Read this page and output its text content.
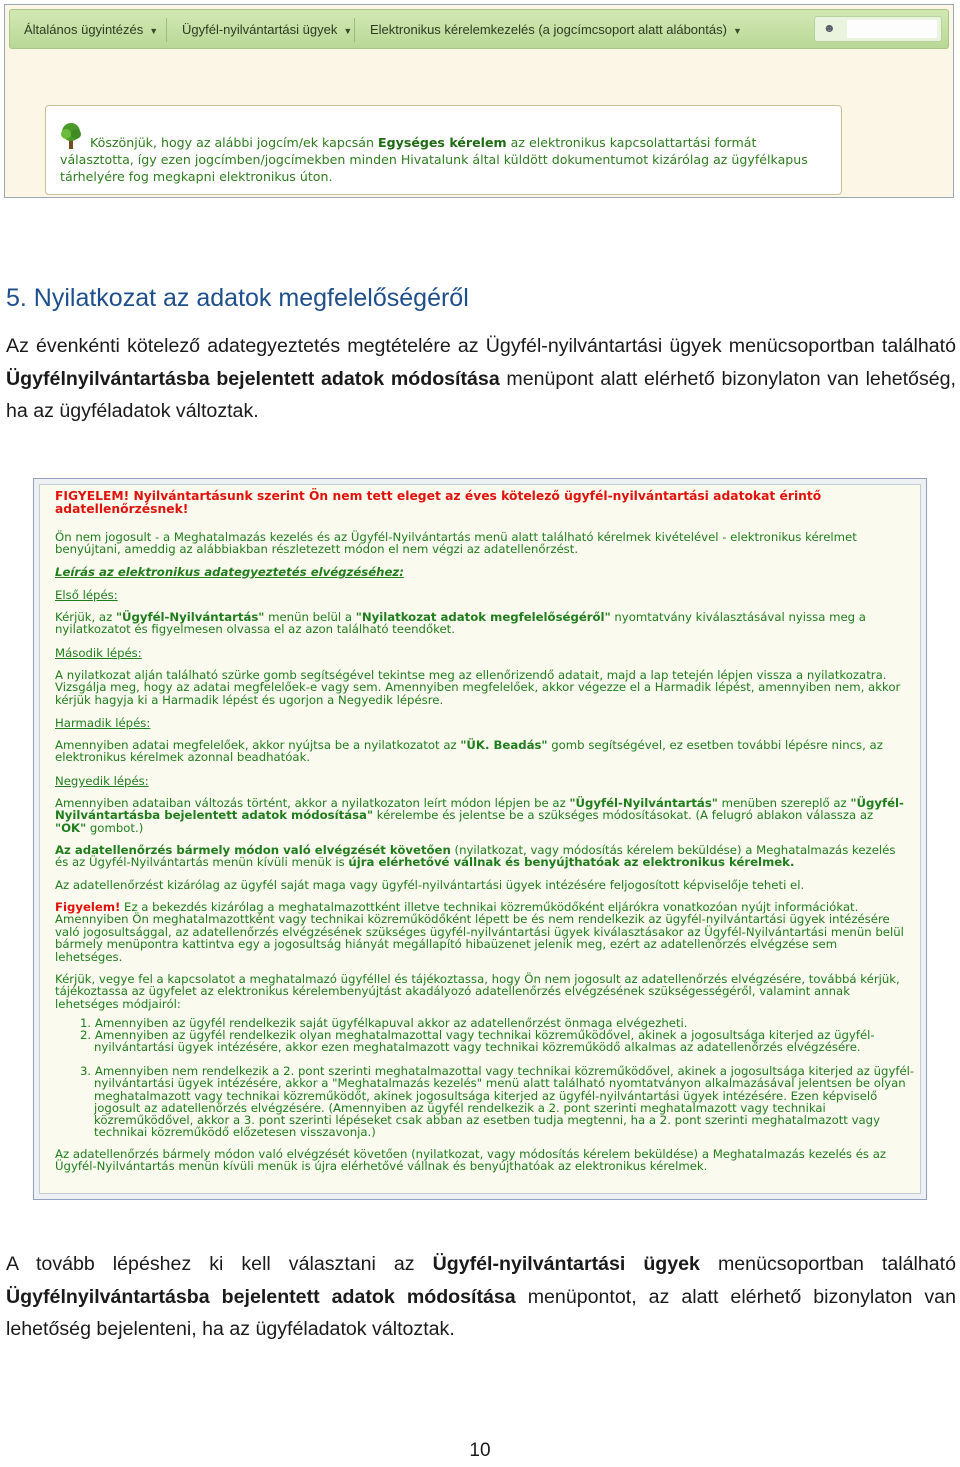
Általános ügyintézés ▼ Ügyfél-nyilvántartási ügyek ▼ Elektronikus kérelemkezelés (a jogcímcsoport alatt alábontás) ▼	☻

Köszönjük, hogy az alábbi jogcím/ek kapcsán Egységes kérelem az elektronikus kapcsolattartási formát választotta, így ezen jogcímben/jogcímekben minden Hivatalunk által küldött dokumentumot kizárólag az ügyfélkapus tárhelyére fog megkapni elektronikus úton.

5. Nyilatkozat az adatok megfelelőségéről

Az évenkénti kötelező adategyeztetés megtételére az Ügyfél-nyilvántartási ügyek menücsoportban található Ügyfélnyilvántartásba bejelentett adatok módosítása menüpont alatt elérhető bizonylaton van lehetőség, ha az ügyféladatok változtak.

FIGYELEM! Nyilvántartásunk szerint Ön nem tett eleget az éves kötelező ügyfél-nyilvántartási adatokat érintő adatellenőrzésnek!

Ön nem jogosult - a Meghatalmazás kezelés és az Ügyfél-Nyilvántartás menü alatt található kérelmek kivételével - elektronikus kérelmet benyújtani, ameddig az alábbiakban részletezett módon el nem végzi az adatellenőrzést.

Leírás az elektronikus adategyeztetés elvégzéséhez:

Első lépés:

Kérjük, az "Ügyfél-Nyilvántartás" menün belül a "Nyilatkozat adatok megfelelőségéről" nyomtatvány kiválasztásával nyissa meg a nyilatkozatot és figyelmesen olvassa el az azon található teendőket.

Második lépés:

A nyilatkozat alján található szürke gomb segítségével tekintse meg az ellenőrizendő adatait, majd a lap tetején lépjen vissza a nyilatkozatra. Vizsgálja meg, hogy az adatai megfelelőek-e vagy sem. Amennyiben megfelelőek, akkor végezze el a Harmadik lépést, amennyiben nem, akkor kérjük hagyja ki a Harmadik lépést és ugorjon a Negyedik lépésre.

Harmadik lépés:

Amennyiben adatai megfelelőek, akkor nyújtsa be a nyilatkozatot az "ÜK. Beadás" gomb segítségével, ez esetben további lépésre nincs, az elektronikus kérelmek azonnal beadhatóak.

Negyedik lépés:

Amennyiben adataiban változás történt, akkor a nyilatkozaton leírt módon lépjen be az "Ügyfél-Nyilvántartás" menüben szereplő az "Ügyfél-Nyilvántartásba bejelentett adatok módosítása" kérelembe és jelentse be a szükséges módosításokat. (A felugró ablakon válassza az "OK" gombot.)

Az adatellenőrzés bármely módon való elvégzését követően (nyilatkozat, vagy módosítás kérelem beküldése) a Meghatalmazás kezelés és az Ügyfél-Nyilvántartás menün kívüli menük is újra elérhetővé vállnak és benyújthatóak az elektronikus kérelmek.

Az adatellenőrzést kizárólag az ügyfél saját maga vagy ügyfél-nyilvántartási ügyek intézésére feljogosított képviselője teheti el.

Figyelem! Ez a bekezdés kizárólag a meghatalmazottként illetve technikai közreműködőként eljárókra vonatkozóan nyújt információkat. Amennyiben Ön meghatalmazottként vagy technikai közreműködőként lépett be és nem rendelkezik az ügyfél-nyilvántartási ügyek intézésére való jogosultsággal, az adatellenőrzés elvégzésének szükséges ügyfél-nyilvántartási ügyek kiválasztásakor az Ügyfél-Nyilvántartási menün belül bármely menüpontra kattintva egy a jogosultság hiányát megállapító hibaüzenet jelenik meg, ezért az adatellenőrzés elvégzése sem lehetséges.

Kérjük, vegye fel a kapcsolatot a meghatalmazó ügyféllel és tájékoztassa, hogy Ön nem jogosult az adatellenőrzés elvégzésére, továbbá kérjük, tájékoztassa az ügyfelet az elektronikus kérelembenyújtást akadályozó adatellenőrzés elvégzésének szükségességéről, valamint annak lehetséges módjairól:

1. Amennyiben az ügyfél rendelkezik saját ügyfélkapuval akkor az adatellenőrzést önmaga elvégezheti.

2. Amennyiben az ügyfél rendelkezik olyan meghatalmazottal vagy technikai közreműködővel, akinek a jogosultsága kiterjed az ügyfél-nyilvántartási ügyek intézésére, akkor ezen meghatalmazott vagy technikai közreműködő alkalmas az adatellenőrzés elvégzésére.

3. Amennyiben nem rendelkezik a 2. pont szerinti meghatalmazottal vagy technikai közreműködővel, akinek a jogosultsága kiterjed az ügyfél-nyilvántartási ügyek intézésére, akkor a "Meghatalmazás kezelés" menü alatt található nyomtatványon alkalmazásával jelentsen be olyan meghatalmazott vagy technikai közreműködőt, akinek jogosultsága kiterjed az ügyfél-nyilvántartási ügyek intézésére. Ezen képviselő jogosult az adatellenőrzés elvégzésére. (Amennyiben az ügyfél rendelkezik a 2. pont szerinti meghatalmazott vagy technikai közreműködővel, akkor a 3. pont szerinti lépéseket csak abban az esetben tudja megtenni, ha a 2. pont szerinti meghatalmazott vagy technikai közreműködő előzetesen visszavonja.)

Az adatellenőrzés bármely módon való elvégzését követően (nyilatkozat, vagy módosítás kérelem beküldése) a Meghatalmazás kezelés és az Ügyfél-Nyilvántartás menün kívüli menük is újra elérhetővé vállnak és benyújthatóak az elektronikus kérelmek.

A tovább lépéshez ki kell választani az Ügyfél-nyilvántartási ügyek menücsoportban található Ügyfélnyilvántartásba bejelentett adatok módosítása menüpontot, az alatt elérhető bizonylaton van lehetőség bejelenteni, ha az ügyféladatok változtak.

10
